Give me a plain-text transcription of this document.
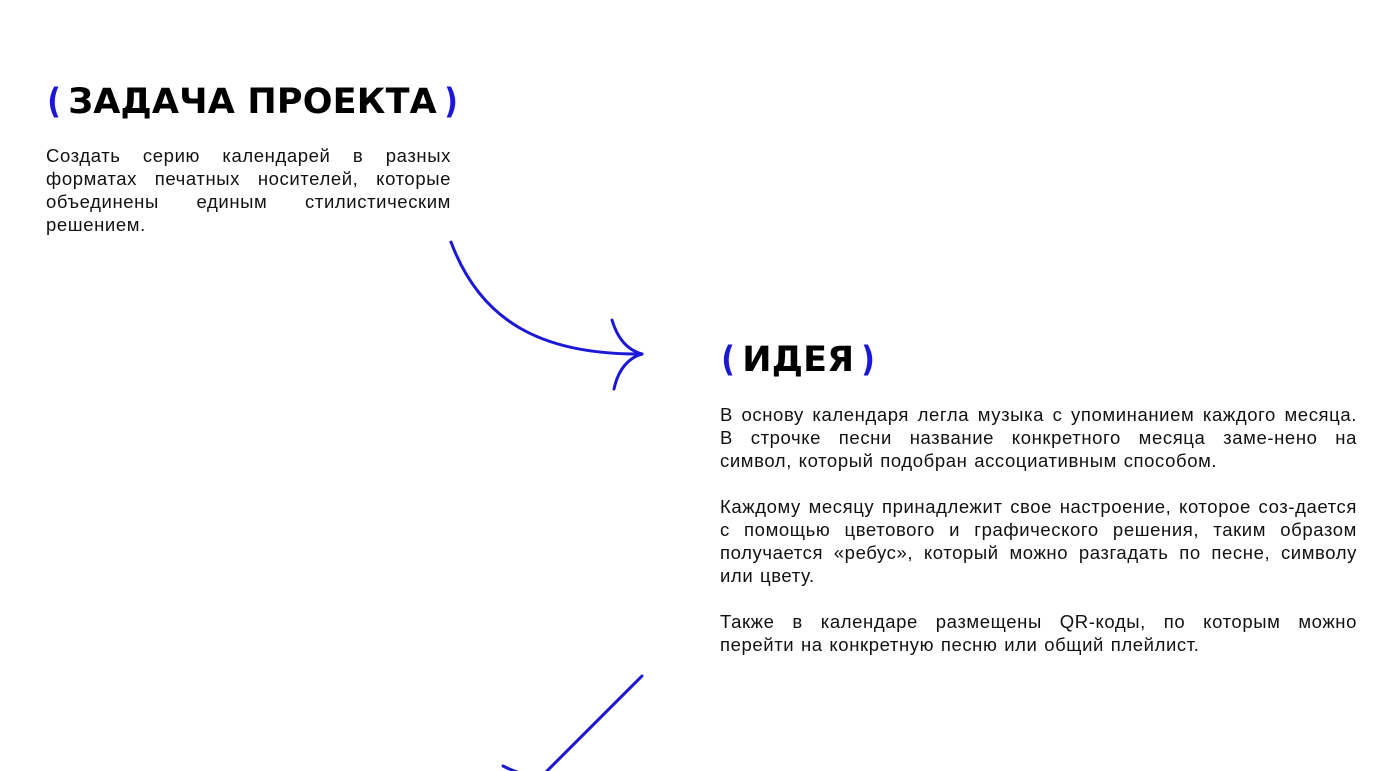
( ЗАДАЧА ПРОЕКТА )

Создать серию календарей в разных форматах печатных носителей, которые объединены единым стилистическим решением.

( ИДЕЯ )

В основу календаря легла музыка с упоминанием каждого месяца. В строчке песни название конкретного месяца заме-нено на символ, который подобран ассоциативным способом.

Каждому месяцу принадлежит свое настроение, которое соз-дается с помощью цветового и графического решения, таким образом получается «ребус», который можно разгадать по песне, символу или цвету.

Также в календаре размещены QR-коды, по которым можно перейти на конкретную песню или общий плейлист.
